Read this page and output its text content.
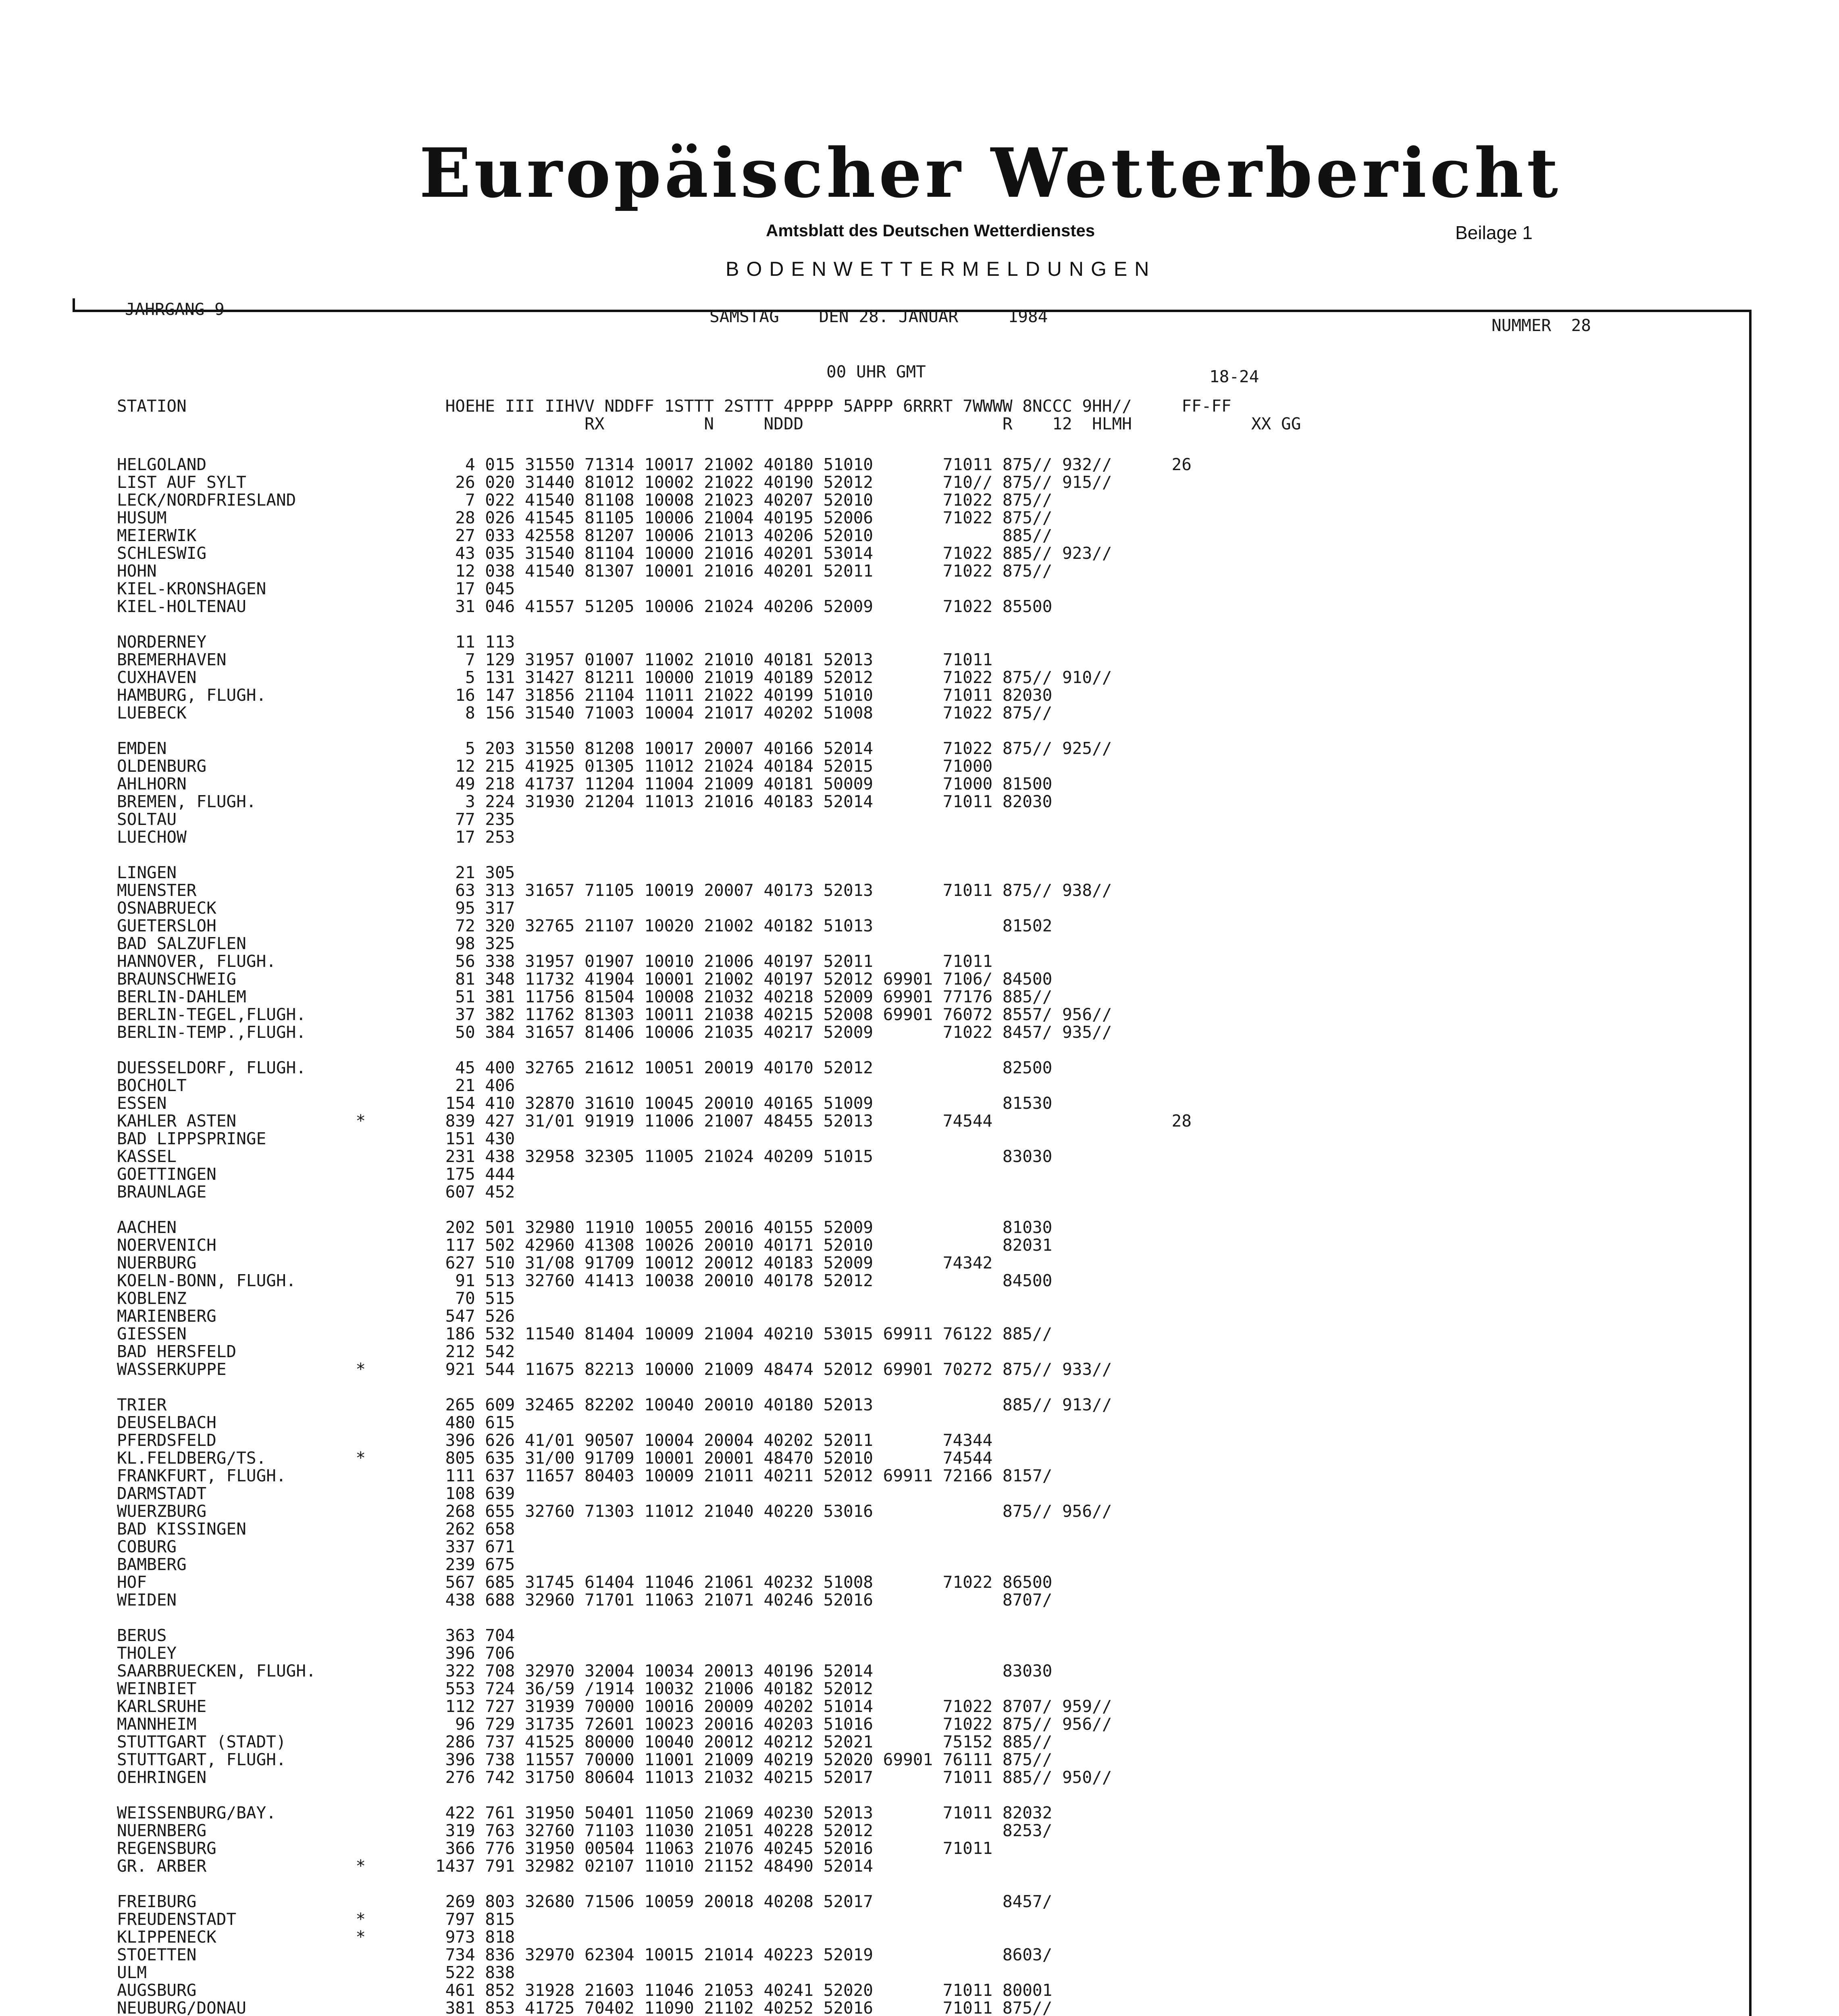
Europäischer Wetterbericht
Amtsblatt des Deutschen Wetterdienstes	Beilage 1
BODENWETTERMELDUNGEN
JAHRGANG 9	SAMSTAG    DEN 28. JANUAR     1984	NUMMER  28
00 UHR GMT	18-24
STATION                          HOEHE III IIHVV NDDFF 1STTT 2STTT 4PPPP 5APPP 6RRRT 7WWWW 8NCCC 9HH//     FF-FF
RX          N     NDDD                    R    12  HLMH            XX GG
HELGOLAND                          4 015 31550 71314 10017 21002 40180 51010       71011 875// 932//      26
LIST AUF SYLT                     26 020 31440 81012 10002 21022 40190 52012       710// 875// 915//
LECK/NORDFRIESLAND                 7 022 41540 81108 10008 21023 40207 52010       71022 875//
HUSUM                             28 026 41545 81105 10006 21004 40195 52006       71022 875//
MEIERWIK                          27 033 42558 81207 10006 21013 40206 52010             885//
SCHLESWIG                         43 035 31540 81104 10000 21016 40201 53014       71022 885// 923//
HOHN                              12 038 41540 81307 10001 21016 40201 52011       71022 875//
KIEL-KRONSHAGEN                   17 045
KIEL-HOLTENAU                     31 046 41557 51205 10006 21024 40206 52009       71022 85500
NORDERNEY                         11 113
BREMERHAVEN                        7 129 31957 01007 11002 21010 40181 52013       71011
CUXHAVEN                           5 131 31427 81211 10000 21019 40189 52012       71022 875// 910//
HAMBURG, FLUGH.                   16 147 31856 21104 11011 21022 40199 51010       71011 82030
LUEBECK                            8 156 31540 71003 10004 21017 40202 51008       71022 875//
EMDEN                              5 203 31550 81208 10017 20007 40166 52014       71022 875// 925//
OLDENBURG                         12 215 41925 01305 11012 21024 40184 52015       71000
AHLHORN                           49 218 41737 11204 11004 21009 40181 50009       71000 81500
BREMEN, FLUGH.                     3 224 31930 21204 11013 21016 40183 52014       71011 82030
SOLTAU                            77 235
LUECHOW                           17 253
LINGEN                            21 305
MUENSTER                          63 313 31657 71105 10019 20007 40173 52013       71011 875// 938//
OSNABRUECK                        95 317
GUETERSLOH                        72 320 32765 21107 10020 21002 40182 51013             81502
BAD SALZUFLEN                     98 325
HANNOVER, FLUGH.                  56 338 31957 01907 10010 21006 40197 52011       71011
BRAUNSCHWEIG                      81 348 11732 41904 10001 21002 40197 52012 69901 7106/ 84500
BERLIN-DAHLEM                     51 381 11756 81504 10008 21032 40218 52009 69901 77176 885//
BERLIN-TEGEL,FLUGH.               37 382 11762 81303 10011 21038 40215 52008 69901 76072 8557/ 956//
BERLIN-TEMP.,FLUGH.               50 384 31657 81406 10006 21035 40217 52009       71022 8457/ 935//
DUESSELDORF, FLUGH.               45 400 32765 21612 10051 20019 40170 52012             82500
BOCHOLT                           21 406
ESSEN                            154 410 32870 31610 10045 20010 40165 51009             81530
KAHLER ASTEN            *        839 427 31/01 91919 11006 21007 48455 52013       74544                  28
BAD LIPPSPRINGE                  151 430
KASSEL                           231 438 32958 32305 11005 21024 40209 51015             83030
GOETTINGEN                       175 444
BRAUNLAGE                        607 452
AACHEN                           202 501 32980 11910 10055 20016 40155 52009             81030
NOERVENICH                       117 502 42960 41308 10026 20010 40171 52010             82031
NUERBURG                         627 510 31/08 91709 10012 20012 40183 52009       74342
KOELN-BONN, FLUGH.                91 513 32760 41413 10038 20010 40178 52012             84500
KOBLENZ                           70 515
MARIENBERG                       547 526
GIESSEN                          186 532 11540 81404 10009 21004 40210 53015 69911 76122 885//
BAD HERSFELD                     212 542
WASSERKUPPE             *        921 544 11675 82213 10000 21009 48474 52012 69901 70272 875// 933//
TRIER                            265 609 32465 82202 10040 20010 40180 52013             885// 913//
DEUSELBACH                       480 615
PFERDSFELD                       396 626 41/01 90507 10004 20004 40202 52011       74344
KL.FELDBERG/TS.         *        805 635 31/00 91709 10001 20001 48470 52010       74544
FRANKFURT, FLUGH.                111 637 11657 80403 10009 21011 40211 52012 69911 72166 8157/
DARMSTADT                        108 639
WUERZBURG                        268 655 32760 71303 11012 21040 40220 53016             875// 956//
BAD KISSINGEN                    262 658
COBURG                           337 671
BAMBERG                          239 675
HOF                              567 685 31745 61404 11046 21061 40232 51008       71022 86500
WEIDEN                           438 688 32960 71701 11063 21071 40246 52016             8707/
BERUS                            363 704
THOLEY                           396 706
SAARBRUECKEN, FLUGH.             322 708 32970 32004 10034 20013 40196 52014             83030
WEINBIET                         553 724 36/59 /1914 10032 21006 40182 52012
KARLSRUHE                        112 727 31939 70000 10016 20009 40202 51014       71022 8707/ 959//
MANNHEIM                          96 729 31735 72601 10023 20016 40203 51016       71022 875// 956//
STUTTGART (STADT)                286 737 41525 80000 10040 20012 40212 52021       75152 885//
STUTTGART, FLUGH.                396 738 11557 70000 11001 21009 40219 52020 69901 76111 875//
OEHRINGEN                        276 742 31750 80604 11013 21032 40215 52017       71011 885// 950//
WEISSENBURG/BAY.                 422 761 31950 50401 11050 21069 40230 52013       71011 82032
NUERNBERG                        319 763 32760 71103 11030 21051 40228 52012             8253/
REGENSBURG                       366 776 31950 00504 11063 21076 40245 52016       71011
GR. ARBER               *       1437 791 32982 02107 11010 21152 48490 52014
FREIBURG                         269 803 32680 71506 10059 20018 40208 52017             8457/
FREUDENSTADT            *        797 815
KLIPPENECK              *        973 818
STOETTEN                         734 836 32970 62304 10015 21014 40223 52019             8603/
ULM                              522 838
AUGSBURG                         461 852 31928 21603 11046 21053 40241 52020       71011 80001
NEUBURG/DONAU                    381 853 41725 70402 11090 21102 40252 52016       71011 875//
